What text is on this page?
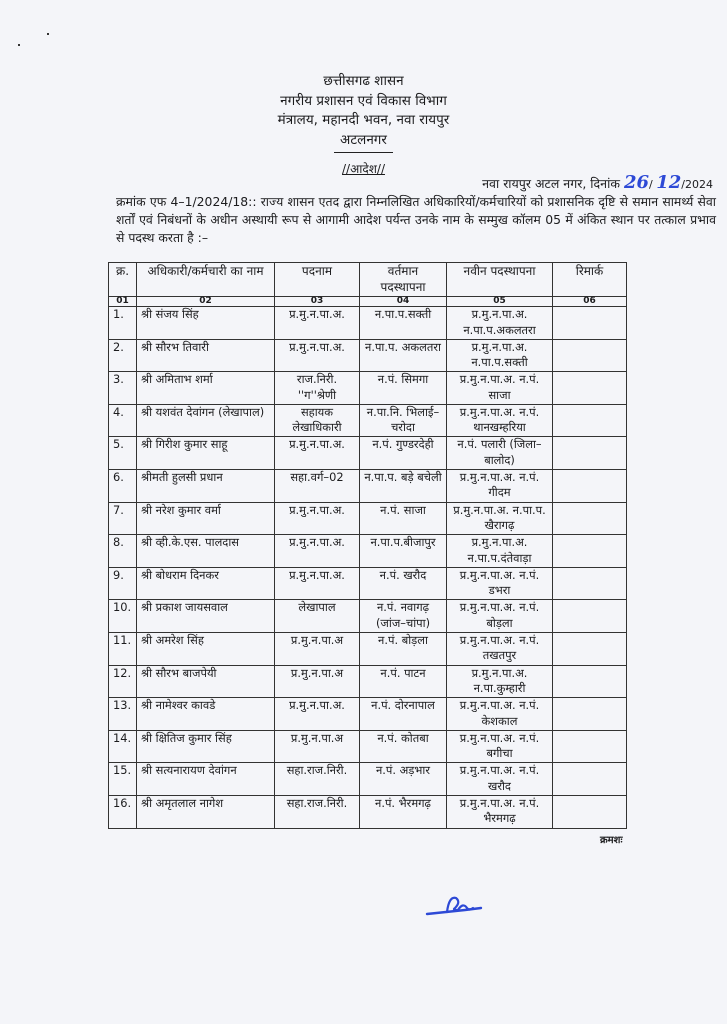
छत्तीसगढ शासन
नगरीय प्रशासन एवं विकास विभाग
मंत्रालय, महानदी भवन, नवा रायपुर
अटलनगर
//आदेश//
नवा रायपुर अटल नगर, दिनांक 26/ 12/2024
क्रमांक एफ 4–1/2024/18:: राज्य शासन एतद द्वारा निम्नलिखित अधिकारियों/कर्मचारियों को प्रशासनिक दृष्टि से समान सामर्थ्य सेवा शर्तों एवं निबंधनों के अधीन अस्थायी रूप से आगामी आदेश पर्यन्त उनके नाम के सम्मुख कॉलम 05 में अंकित स्थान पर तत्काल प्रभाव से पदस्थ करता है :–
क्र.	अधिकारी/कर्मचारी का नाम	पदनाम	वर्तमान पदस्थापना	नवीन पदस्थापना	रिमार्क
01	02	03	04	05	06
1.	श्री संजय सिंह	प्र.मु.न.पा.अ.	न.पा.प.सक्ती	प्र.मु.न.पा.अ. न.पा.प.अकलतरा	
2.	श्री सौरभ तिवारी	प्र.मु.न.पा.अ.	न.पा.प. अकलतरा	प्र.मु.न.पा.अ. न.पा.प.सक्ती	
3.	श्री अमिताभ शर्मा	राज.निरी. ''ग''श्रेणी	न.पं. सिमगा	प्र.मु.न.पा.अ. न.पं. साजा	
4.	श्री यशवंत देवांगन (लेखापाल)	सहायक लेखाधिकारी	न.पा.नि. भिलाई–चरोदा	प्र.मु.न.पा.अ. न.पं. थानखम्हरिया	
5.	श्री गिरीश कुमार साहू	प्र.मु.न.पा.अ.	न.पं. गुण्डरदेही	न.पं. पलारी (जिला–बालोद)	
6.	श्रीमती हुलसी प्रधान	सहा.वर्ग–02	न.पा.प. बड़े बचेली	प्र.मु.न.पा.अ. न.पं. गीदम	
7.	श्री नरेश कुमार वर्मा	प्र.मु.न.पा.अ.	न.पं. साजा	प्र.मु.न.पा.अ. न.पा.प. खैरागढ़	
8.	श्री व्ही.के.एस. पालदास	प्र.मु.न.पा.अ.	न.पा.प.बीजापुर	प्र.मु.न.पा.अ. न.पा.प.दंतेवाड़ा	
9.	श्री बोधराम दिनकर	प्र.मु.न.पा.अ.	न.पं. खरौद	प्र.मु.न.पा.अ. न.पं. डभरा	
10.	श्री प्रकाश जायसवाल	लेखापाल	न.पं. नवागढ़ (जांज–चांपा)	प्र.मु.न.पा.अ. न.पं. बोड़ला	
11.	श्री अमरेश सिंह	प्र.मु.न.पा.अ	न.पं. बोड़ला	प्र.मु.न.पा.अ. न.पं. तखतपुर	
12.	श्री सौरभ बाजपेयी	प्र.मु.न.पा.अ	न.पं. पाटन	प्र.मु.न.पा.अ. न.पा.कुम्हारी	
13.	श्री नामेश्वर कावडे	प्र.मु.न.पा.अ.	न.पं. दोरनापाल	प्र.मु.न.पा.अ. न.पं. केशकाल	
14.	श्री क्षितिज कुमार सिंह	प्र.मु.न.पा.अ	न.पं. कोतबा	प्र.मु.न.पा.अ. न.पं. बगीचा	
15.	श्री सत्यनारायण देवांगन	सहा.राज.निरी.	न.पं. अड़भार	प्र.मु.न.पा.अ. न.पं. खरौद	
16.	श्री अमृतलाल नागेश	सहा.राज.निरी.	न.पं. भैरमगढ़	प्र.मु.न.पा.अ. न.पं. भैरमगढ़	
क्रमशः
